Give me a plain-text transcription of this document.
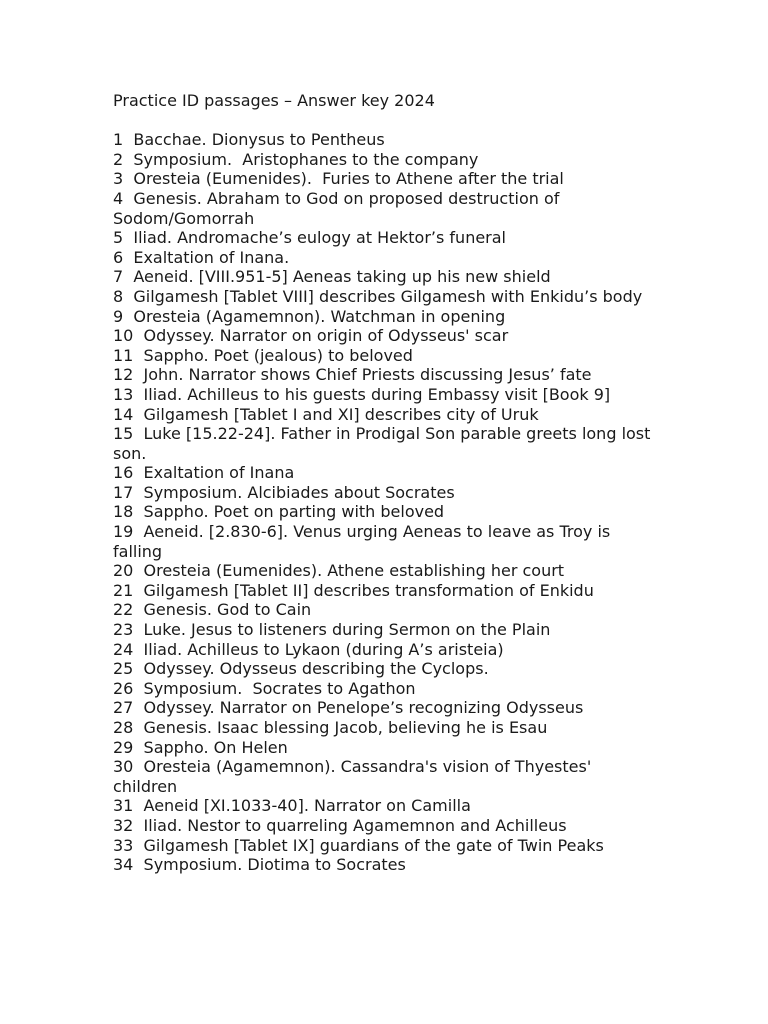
Practice ID passages – Answer key 2024
1  Bacchae. Dionysus to Pentheus
2  Symposium.  Aristophanes to the company
3  Oresteia (Eumenides).  Furies to Athene after the trial
4  Genesis. Abraham to God on proposed destruction of Sodom/Gomorrah
5  Iliad. Andromache’s eulogy at Hektor’s funeral
6  Exaltation of Inana.
7  Aeneid. [VIII.951-5] Aeneas taking up his new shield
8  Gilgamesh [Tablet VIII] describes Gilgamesh with Enkidu’s body
9  Oresteia (Agamemnon). Watchman in opening
10  Odyssey. Narrator on origin of Odysseus' scar
11  Sappho. Poet (jealous) to beloved
12  John. Narrator shows Chief Priests discussing Jesus’ fate
13  Iliad. Achilleus to his guests during Embassy visit [Book 9]
14  Gilgamesh [Tablet I and XI] describes city of Uruk
15  Luke [15.22-24]. Father in Prodigal Son parable greets long lost son.
16  Exaltation of Inana
17  Symposium. Alcibiades about Socrates
18  Sappho. Poet on parting with beloved
19  Aeneid. [2.830-6]. Venus urging Aeneas to leave as Troy is falling
20  Oresteia (Eumenides). Athene establishing her court
21  Gilgamesh [Tablet II] describes transformation of Enkidu
22  Genesis. God to Cain
23  Luke. Jesus to listeners during Sermon on the Plain
24  Iliad. Achilleus to Lykaon (during A’s aristeia)
25  Odyssey. Odysseus describing the Cyclops.
26  Symposium.  Socrates to Agathon
27  Odyssey. Narrator on Penelope’s recognizing Odysseus
28  Genesis. Isaac blessing Jacob, believing he is Esau
29  Sappho. On Helen
30  Oresteia (Agamemnon). Cassandra's vision of Thyestes' children
31  Aeneid [XI.1033-40]. Narrator on Camilla
32  Iliad. Nestor to quarreling Agamemnon and Achilleus
33  Gilgamesh [Tablet IX] guardians of the gate of Twin Peaks
34  Symposium. Diotima to Socrates
